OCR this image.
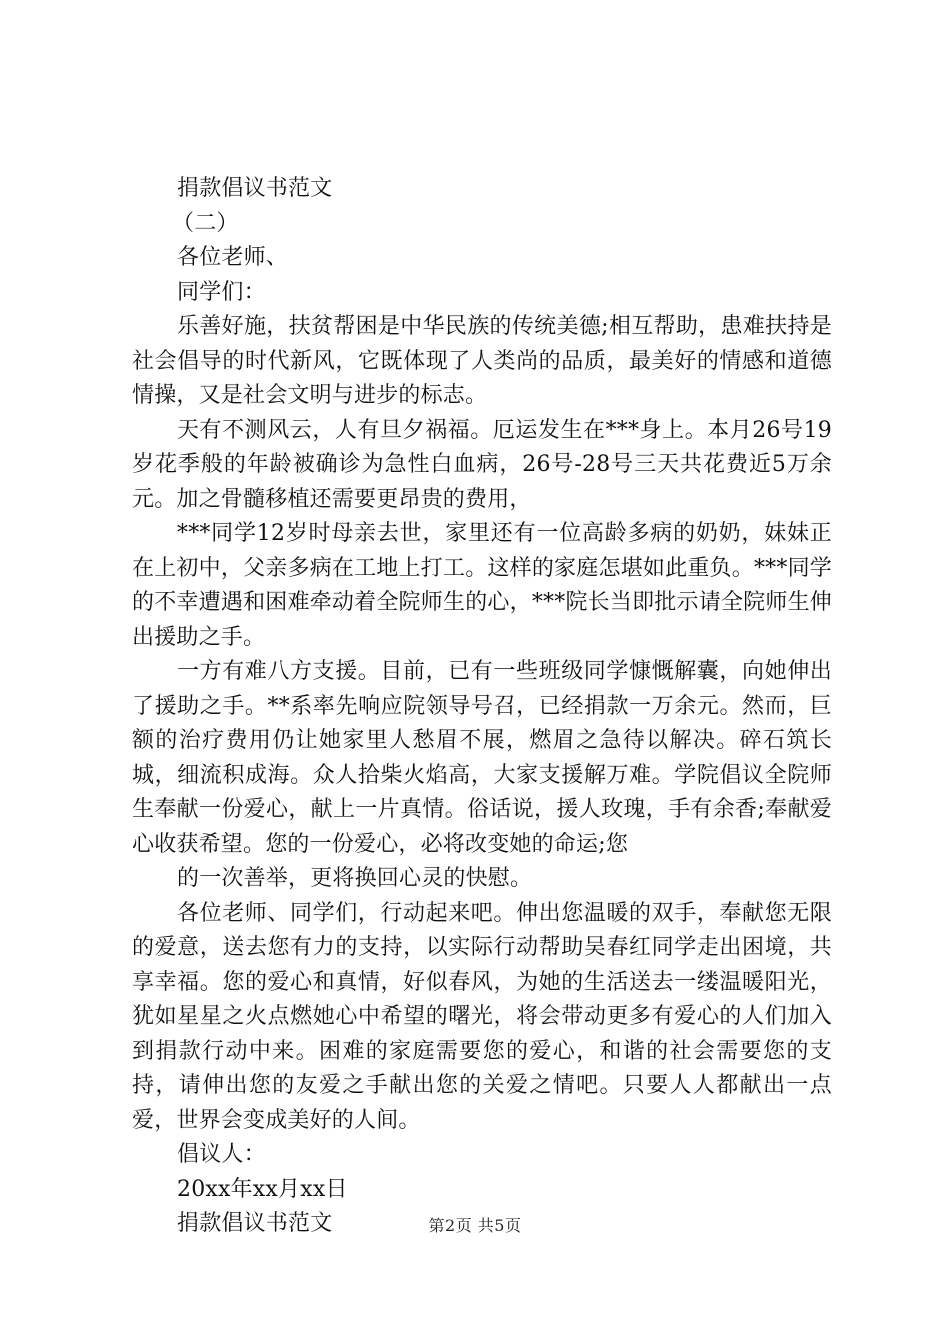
捐款倡议书范文

（二）

各位老师、

同学们：

乐善好施，扶贫帮困是中华民族的传统美德;相互帮助，患难扶持是社会倡导的时代新风，它既体现了人类尚的品质，最美好的情感和道德情操，又是社会文明与进步的标志。

天有不测风云，人有旦夕祸福。厄运发生在***身上。本月26号19岁花季般的年龄被确诊为急性白血病，26号-28号三天共花费近5万余元。加之骨髓移植还需要更昂贵的费用，

***同学12岁时母亲去世，家里还有一位高龄多病的奶奶，妹妹正在上初中，父亲多病在工地上打工。这样的家庭怎堪如此重负。***同学的不幸遭遇和困难牵动着全院师生的心，***院长当即批示请全院师生伸出援助之手。

一方有难八方支援。目前，已有一些班级同学慷慨解囊，向她伸出了援助之手。**系率先响应院领导号召，已经捐款一万余元。然而，巨额的治疗费用仍让她家里人愁眉不展，燃眉之急待以解决。碎石筑长城，细流积成海。众人拾柴火焰高，大家支援解万难。学院倡议全院师生奉献一份爱心，献上一片真情。俗话说，援人玫瑰，手有余香;奉献爱心收获希望。您的一份爱心，必将改变她的命运;您

的一次善举，更将换回心灵的快慰。

各位老师、同学们，行动起来吧。伸出您温暖的双手，奉献您无限的爱意，送去您有力的支持，以实际行动帮助吴春红同学走出困境，共享幸福。您的爱心和真情，好似春风，为她的生活送去一缕温暖阳光，犹如星星之火点燃她心中希望的曙光，将会带动更多有爱心的人们加入到捐款行动中来。困难的家庭需要您的爱心，和谐的社会需要您的支持，请伸出您的友爱之手献出您的关爱之情吧。只要人人都献出一点爱，世界会变成美好的人间。

倡议人：

20xx年xx月xx日

捐款倡议书范文	第2页 共5页
